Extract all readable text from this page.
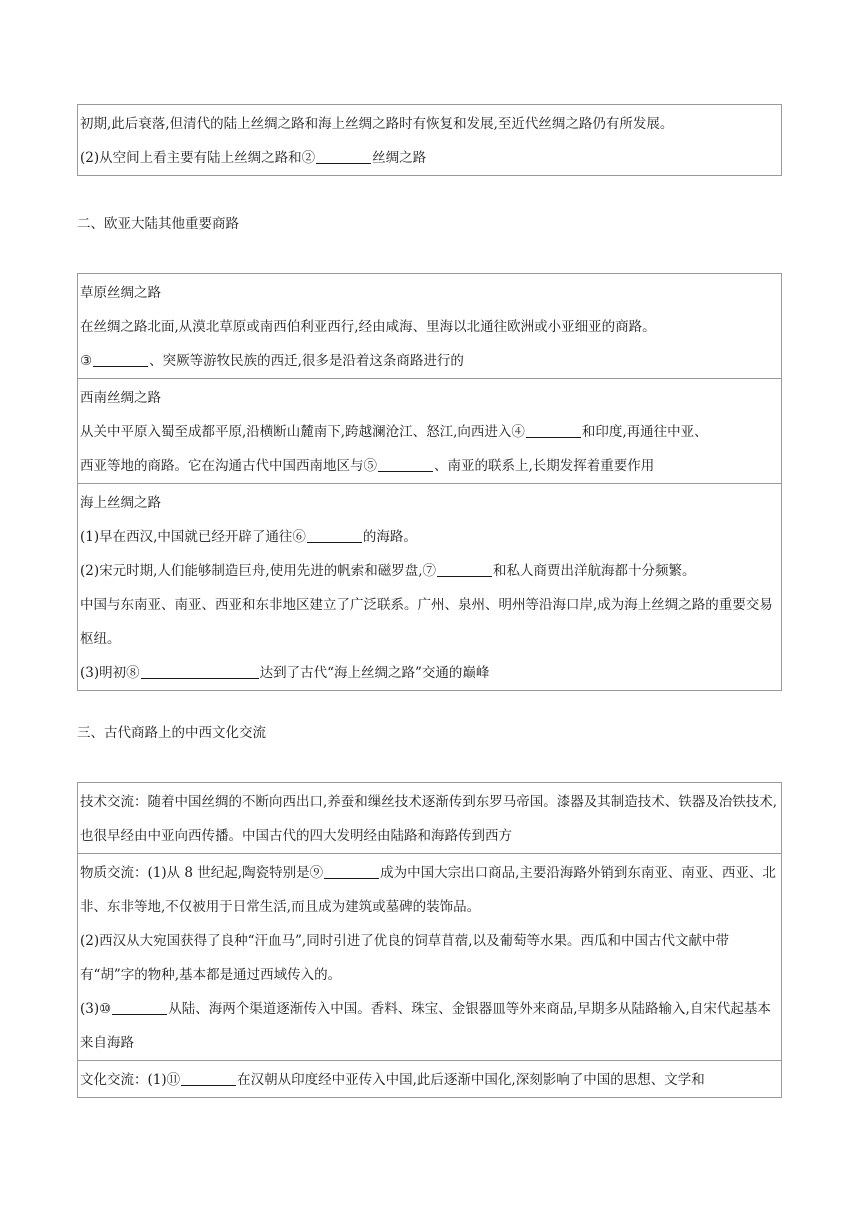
初期,此后衰落,但清代的陆上丝绸之路和海上丝绸之路时有恢复和发展,至近代丝绸之路仍有所发展。
(2)从空间上看主要有陆上丝绸之路和②	丝绸之路
二、欧亚大陆其他重要商路
草原丝绸之路
在丝绸之路北面,从漠北草原或南西伯利亚西行,经由咸海、里海以北通往欧洲或小亚细亚的商路。
③	、突厥等游牧民族的西迁,很多是沿着这条商路进行的
西南丝绸之路
从关中平原入蜀至成都平原,沿横断山麓南下,跨越澜沧江、怒江,向西进入④	和印度,再通往中亚、
西亚等地的商路。它在沟通古代中国西南地区与⑤	、南亚的联系上,长期发挥着重要作用
海上丝绸之路
(1)早在西汉,中国就已经开辟了通往⑥	的海路。
(2)宋元时期,人们能够制造巨舟,使用先进的帆索和磁罗盘,⑦	和私人商贾出洋航海都十分频繁。
中国与东南亚、南亚、西亚和东非地区建立了广泛联系。广州、泉州、明州等沿海口岸,成为海上丝绸之路的重要交易枢纽。
(3)明初⑧	达到了古代“海上丝绸之路”交通的巅峰
三、古代商路上的中西文化交流
技术交流：随着中国丝绸的不断向西出口,养蚕和缫丝技术逐渐传到东罗马帝国。漆器及其制造技术、铁器及冶铁技术,也很早经由中亚向西传播。中国古代的四大发明经由陆路和海路传到西方
物质交流：(1)从 8 世纪起,陶瓷特别是⑨	成为中国大宗出口商品,主要沿海路外销到东南亚、南亚、西亚、北非、东非等地,不仅被用于日常生活,而且成为建筑或墓碑的装饰品。
(2)西汉从大宛国获得了良种“汗血马”,同时引进了优良的饲草苜蓿,以及葡萄等水果。西瓜和中国古代文献中带有“胡”字的物种,基本都是通过西域传入的。
(3)⑩	从陆、海两个渠道逐渐传入中国。香料、珠宝、金银器皿等外来商品,早期多从陆路输入,自宋代起基本来自海路
文化交流：(1)⑪	在汉朝从印度经中亚传入中国,此后逐渐中国化,深刻影响了中国的思想、文学和
